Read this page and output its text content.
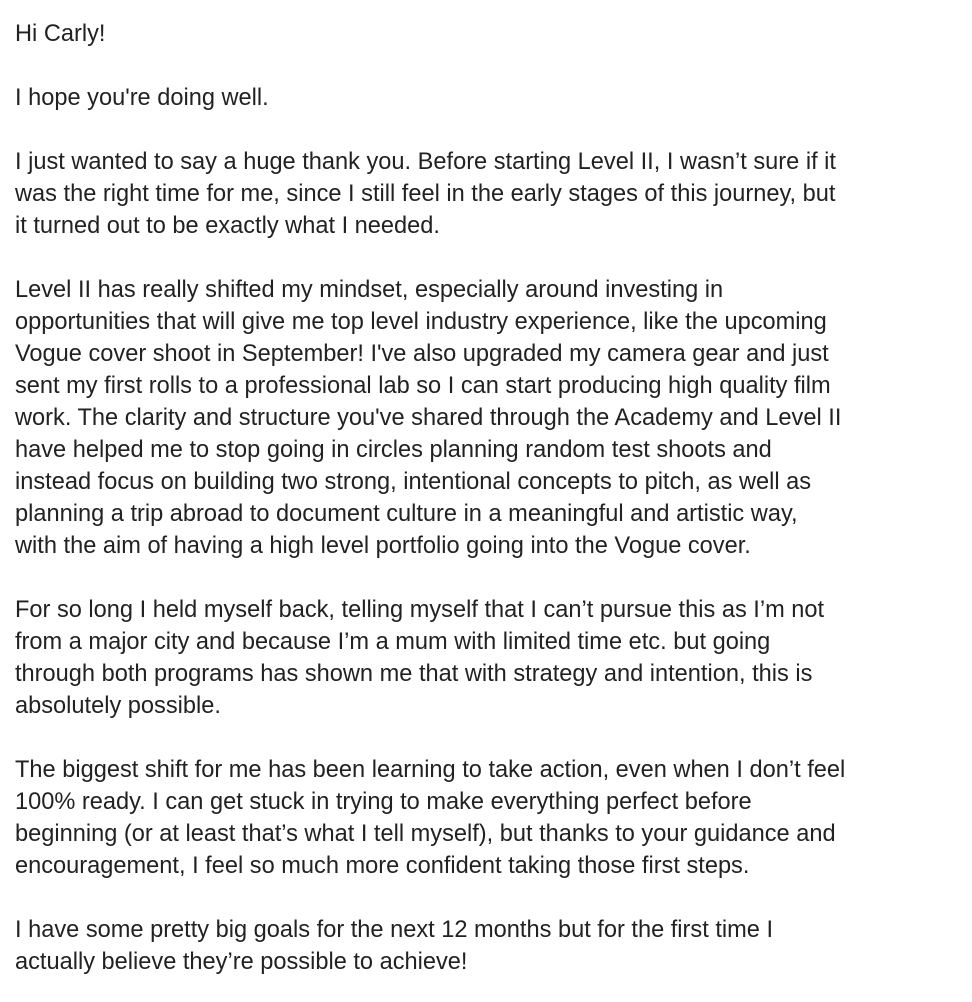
Hi Carly!

I hope you're doing well.

I just wanted to say a huge thank you. Before starting Level II, I wasn’t sure if it
was the right time for me, since I still feel in the early stages of this journey, but
it turned out to be exactly what I needed.

Level II has really shifted my mindset, especially around investing in
opportunities that will give me top level industry experience, like the upcoming
Vogue cover shoot in September! I've also upgraded my camera gear and just
sent my first rolls to a professional lab so I can start producing high quality film
work. The clarity and structure you've shared through the Academy and Level II
have helped me to stop going in circles planning random test shoots and
instead focus on building two strong, intentional concepts to pitch, as well as
planning a trip abroad to document culture in a meaningful and artistic way,
with the aim of having a high level portfolio going into the Vogue cover.

For so long I held myself back, telling myself that I can’t pursue this as I’m not
from a major city and because I’m a mum with limited time etc. but going
through both programs has shown me that with strategy and intention, this is
absolutely possible.

The biggest shift for me has been learning to take action, even when I don’t feel
100% ready. I can get stuck in trying to make everything perfect before
beginning (or at least that’s what I tell myself), but thanks to your guidance and
encouragement, I feel so much more confident taking those first steps.

I have some pretty big goals for the next 12 months but for the first time I
actually believe they’re possible to achieve!
